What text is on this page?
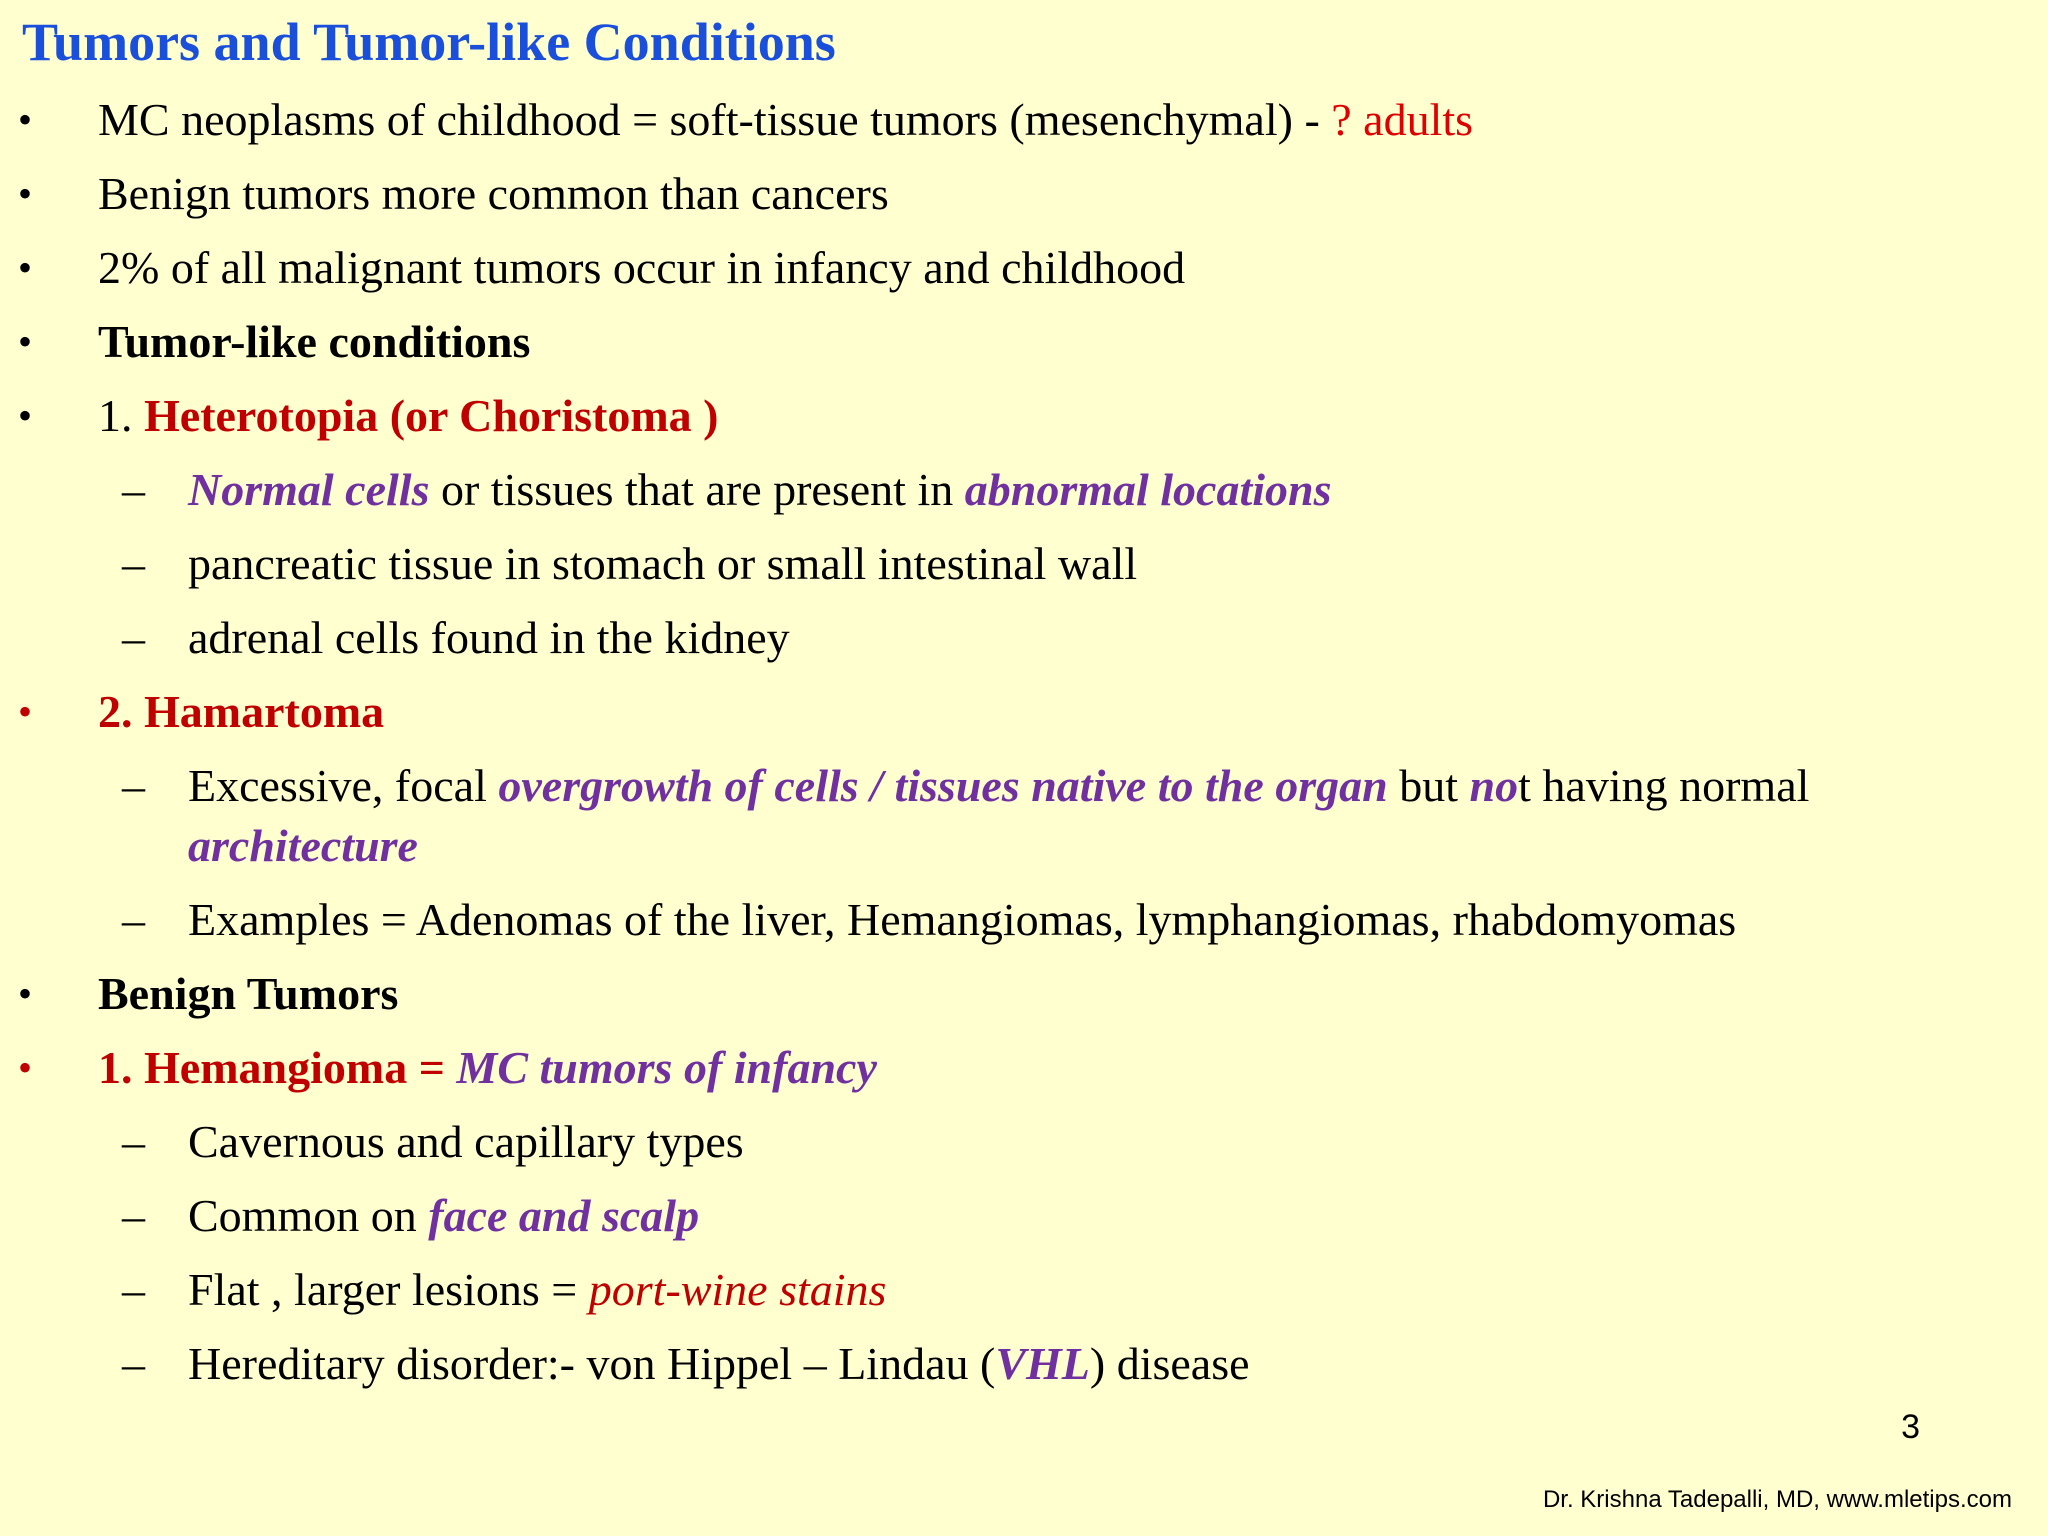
Tumors and Tumor-like Conditions
•	MC neoplasms of childhood = soft-tissue tumors (mesenchymal) - ? adults
•	Benign tumors more common than cancers
•	2% of all malignant tumors occur in infancy and childhood
•	Tumor-like conditions
•	1. Heterotopia (or Choristoma )
– Normal cells or tissues that are present in abnormal locations
– pancreatic tissue in stomach or small intestinal wall
– adrenal cells found in the kidney
•	2. Hamartoma
– Excessive, focal overgrowth of cells / tissues native to the organ but not having normal
architecture
– Examples = Adenomas of the liver, Hemangiomas, lymphangiomas, rhabdomyomas
•	Benign Tumors
•	1. Hemangioma = MC tumors of infancy
– Cavernous and capillary types
– Common on face and scalp
– Flat , larger lesions = port-wine stains
– Hereditary disorder:- von Hippel – Lindau (VHL) disease
3
Dr. Krishna Tadepalli, MD, www.mletips.com
